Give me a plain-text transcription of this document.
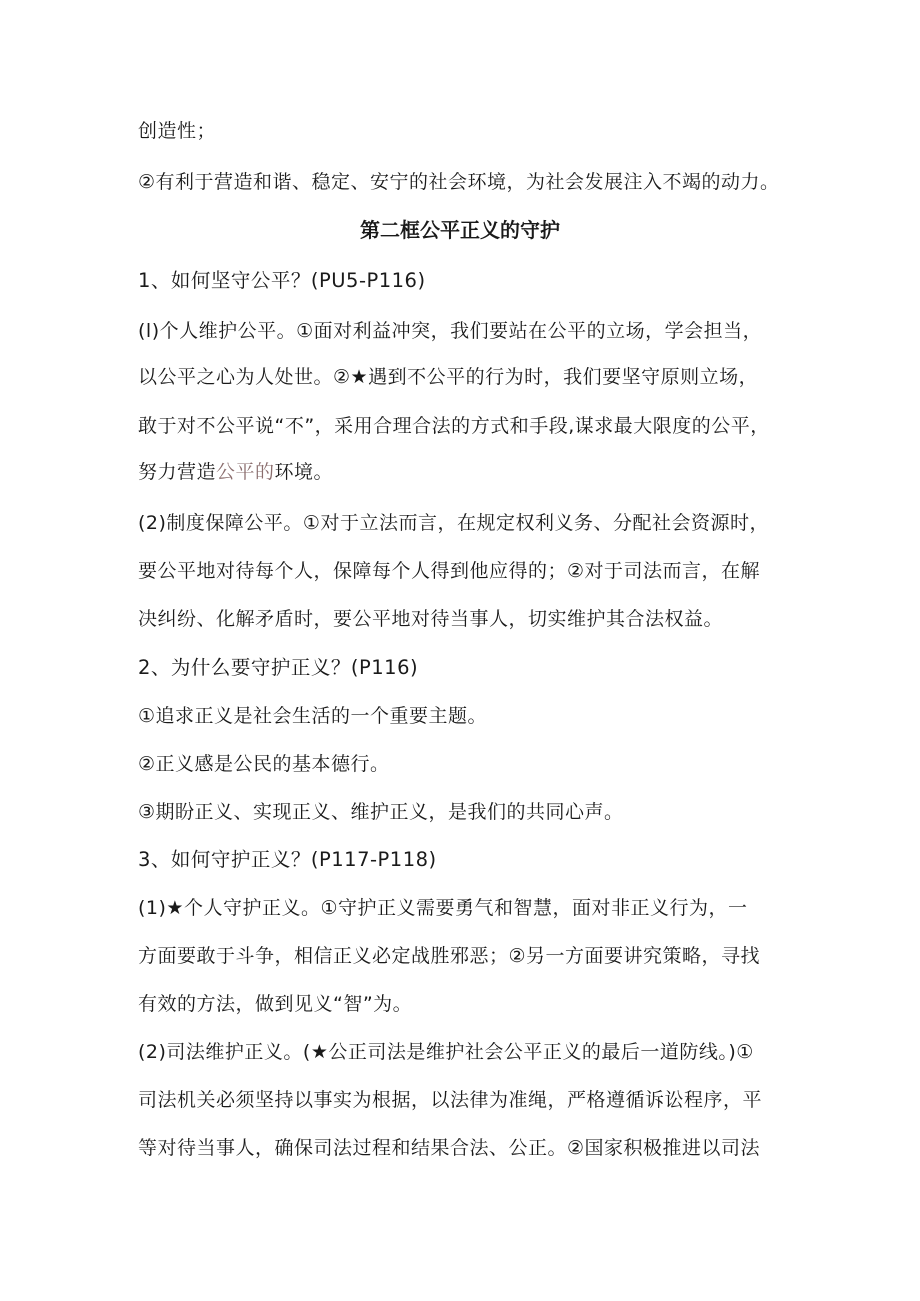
创造性；
②有利于营造和谐、稳定、安宁的社会环境，为社会发展注入不竭的动力。
第二框公平正义的守护
1、如何坚守公平？(PU5-P116)
(l)个人维护公平。①面对利益冲突，我们要站在公平的立场，学会担当，
以公平之心为人处世。②★遇到不公平的行为时，我们要坚守原则立场，
敢于对不公平说“不”，采用合理合法的方式和手段,谋求最大限度的公平，
努力营造公平的环境。
(2)制度保障公平。①对于立法而言，在规定权利义务、分配社会资源时，
要公平地对待每个人，保障每个人得到他应得的；②对于司法而言，在解
决纠纷、化解矛盾时，要公平地对待当事人，切实维护其合法权益。
2、为什么要守护正义？(P116)
①追求正义是社会生活的一个重要主题。
②正义感是公民的基本德行。
③期盼正义、实现正义、维护正义，是我们的共同心声。
3、如何守护正义？(P117-P118)
(1)★个人守护正义。①守护正义需要勇气和智慧，面对非正义行为，一
方面要敢于斗争，相信正义必定战胜邪恶；②另一方面要讲究策略，寻找
有效的方法，做到见义“智”为。
(2)司法维护正义。(★公正司法是维护社会公平正义的最后一道防线。)①
司法机关必须坚持以事实为根据，以法律为准绳，严格遵循诉讼程序，平
等对待当事人，确保司法过程和结果合法、公正。②国家积极推进以司法
